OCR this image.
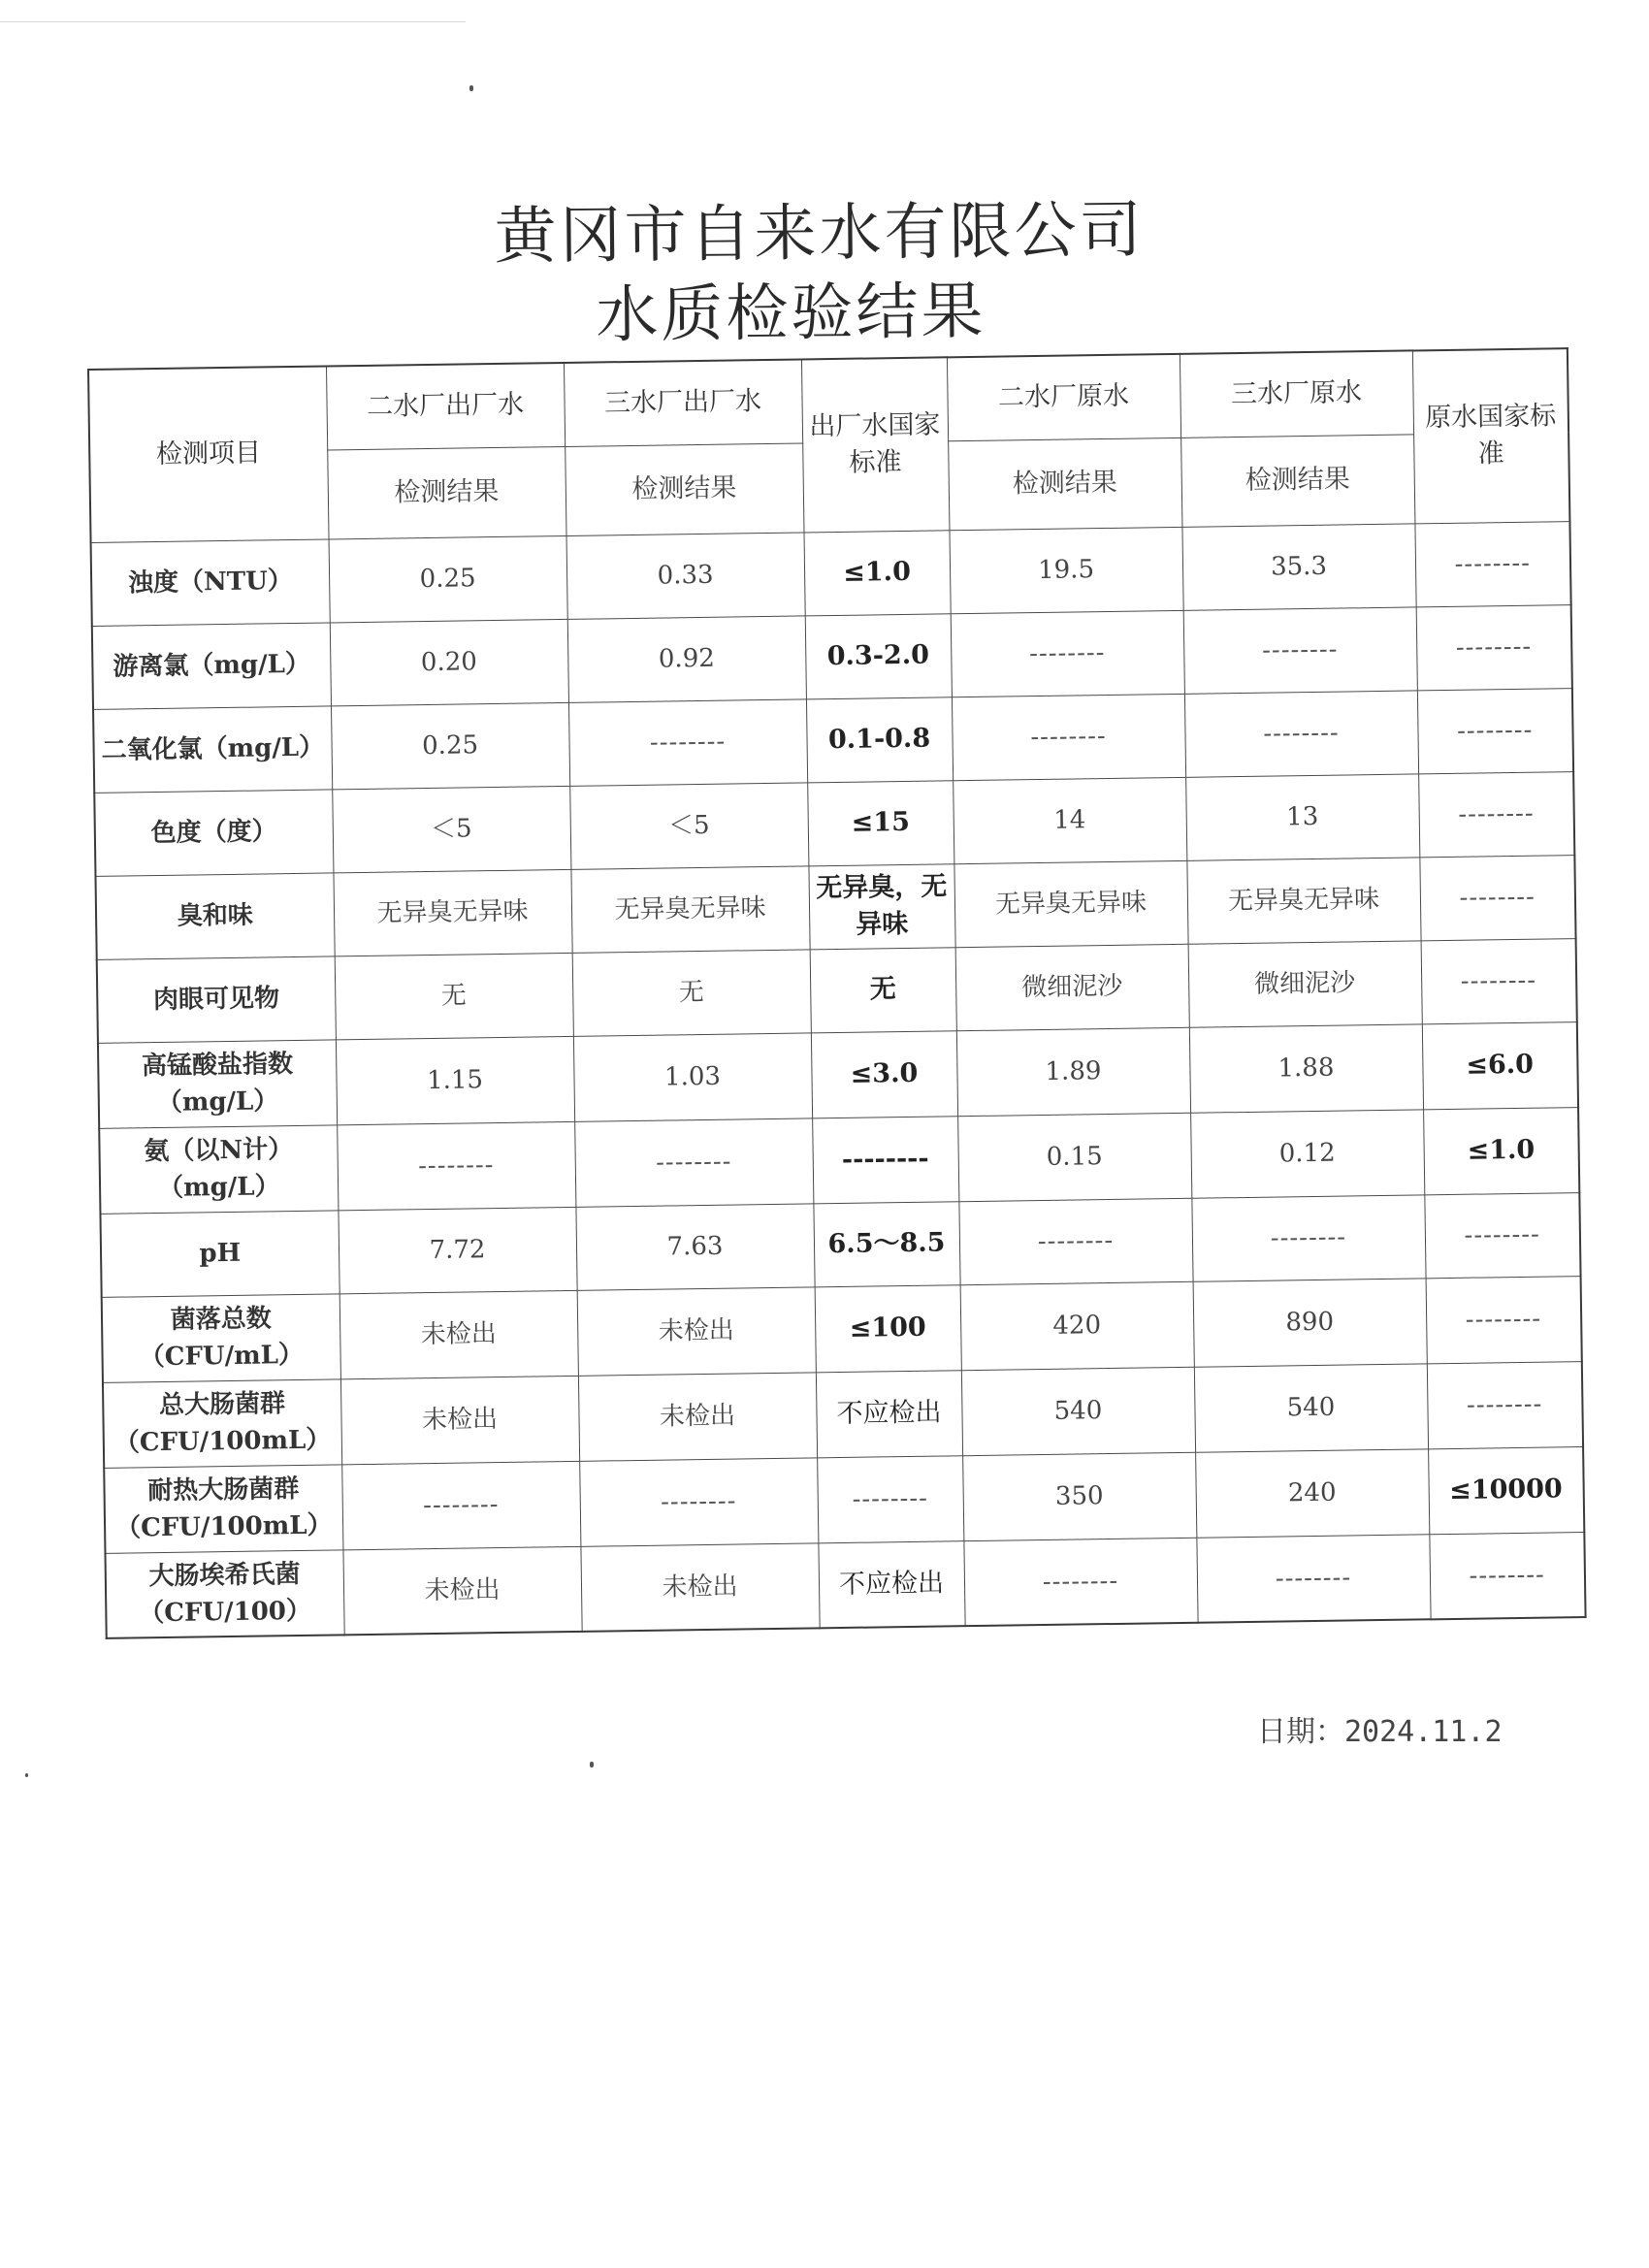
黄冈市自来水有限公司
水质检验结果
检测项目	二水厂出厂水	三水厂出厂水	出厂水国家标准	二水厂原水	三水厂原水	原水国家标准
	检测结果	检测结果		检测结果	检测结果	
浊度（NTU）	0.25	0.33	≤1.0	19.5	35.3	--------
游离氯（mg/L）	0.20	0.92	0.3-2.0	--------	--------	--------
二氧化氯（mg/L）	0.25	--------	0.1-0.8	--------	--------	--------
色度（度）	＜5	＜5	≤15	14	13	--------
臭和味	无异臭无异味	无异臭无异味	无异臭，无异味	无异臭无异味	无异臭无异味	--------
肉眼可见物	无	无	无	微细泥沙	微细泥沙	--------
高锰酸盐指数（mg/L）	1.15	1.03	≤3.0	1.89	1.88	≤6.0
氨（以N计）（mg/L）	--------	--------	--------	0.15	0.12	≤1.0
pH	7.72	7.63	6.5～8.5	--------	--------	--------
菌落总数（CFU/mL）	未检出	未检出	≤100	420	890	--------
总大肠菌群（CFU/100mL）	未检出	未检出	不应检出	540	540	--------
耐热大肠菌群（CFU/100mL）	--------	--------	--------	350	240	≤10000
大肠埃希氏菌（CFU/100）	未检出	未检出	不应检出	--------	--------	--------
日期：2024.11.2
